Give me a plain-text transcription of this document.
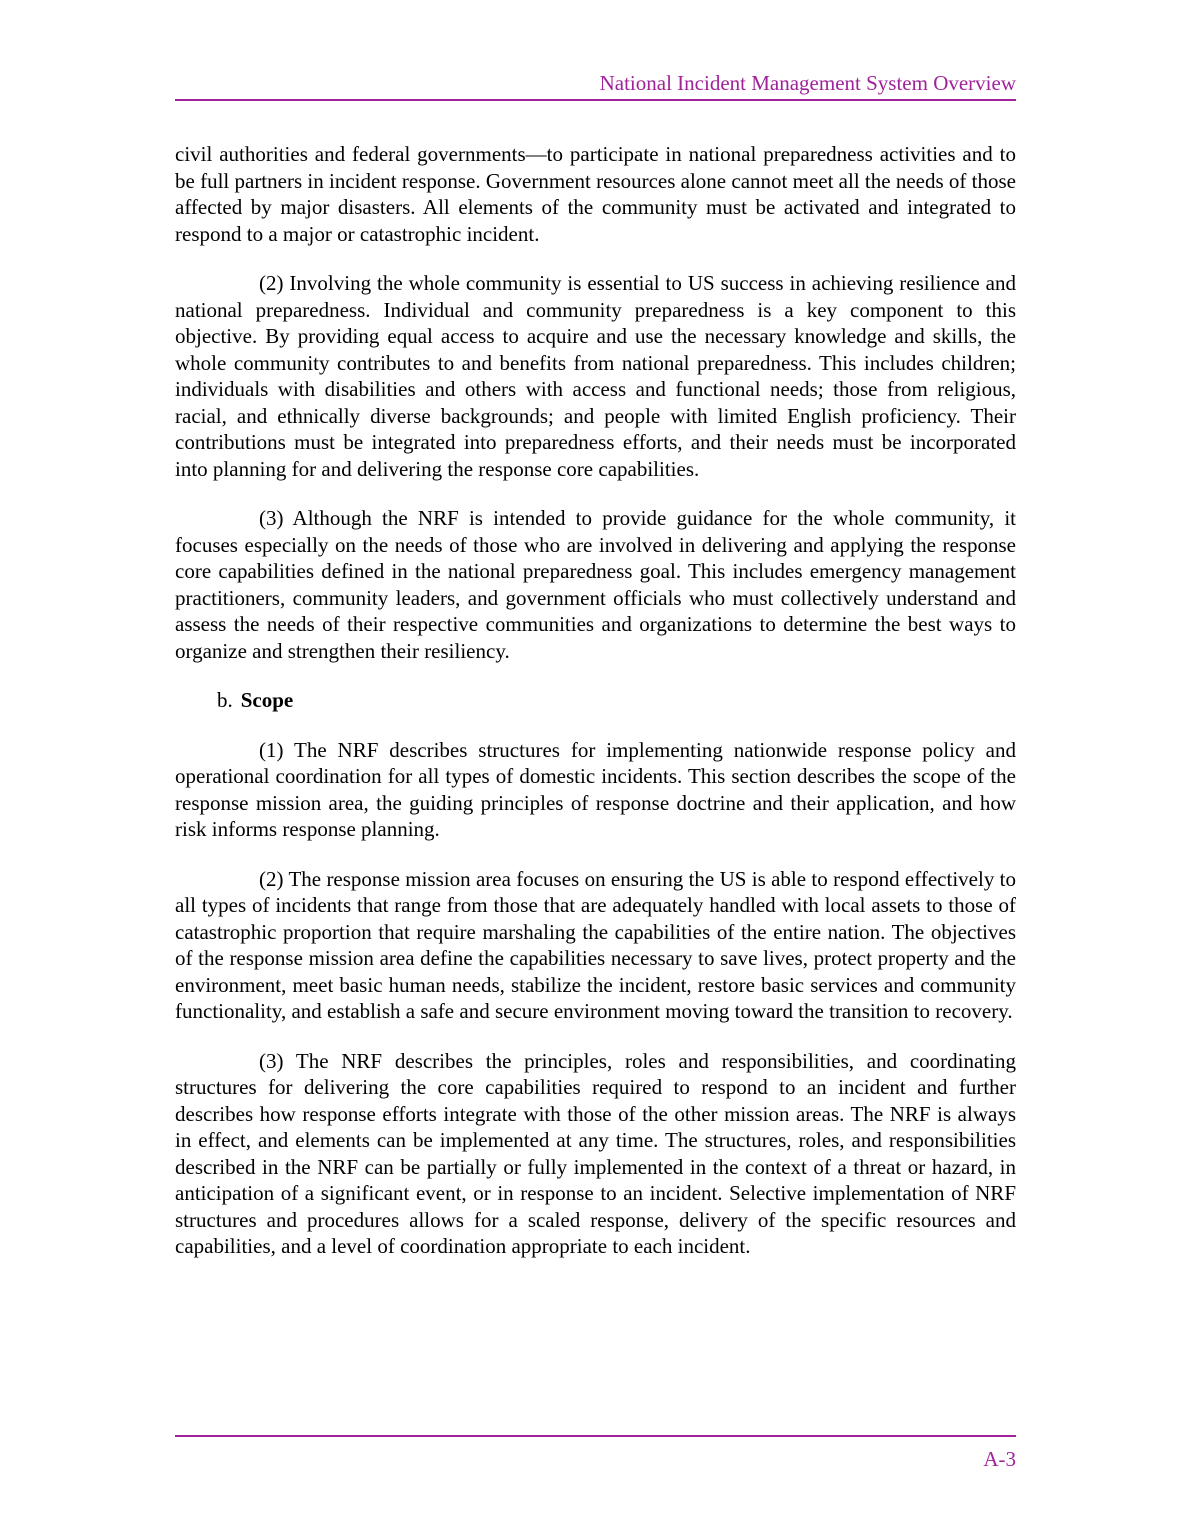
National Incident Management System Overview

civil authorities and federal governments—to participate in national preparedness activities and to be full partners in incident response. Government resources alone cannot meet all the needs of those affected by major disasters. All elements of the community must be activated and integrated to respond to a major or catastrophic incident.

(2) Involving the whole community is essential to US success in achieving resilience and national preparedness. Individual and community preparedness is a key component to this objective. By providing equal access to acquire and use the necessary knowledge and skills, the whole community contributes to and benefits from national preparedness. This includes children; individuals with disabilities and others with access and functional needs; those from religious, racial, and ethnically diverse backgrounds; and people with limited English proficiency. Their contributions must be integrated into preparedness efforts, and their needs must be incorporated into planning for and delivering the response core capabilities.

(3) Although the NRF is intended to provide guidance for the whole community, it focuses especially on the needs of those who are involved in delivering and applying the response core capabilities defined in the national preparedness goal. This includes emergency management practitioners, community leaders, and government officials who must collectively understand and assess the needs of their respective communities and organizations to determine the best ways to organize and strengthen their resiliency.

b. Scope

(1) The NRF describes structures for implementing nationwide response policy and operational coordination for all types of domestic incidents. This section describes the scope of the response mission area, the guiding principles of response doctrine and their application, and how risk informs response planning.

(2) The response mission area focuses on ensuring the US is able to respond effectively to all types of incidents that range from those that are adequately handled with local assets to those of catastrophic proportion that require marshaling the capabilities of the entire nation. The objectives of the response mission area define the capabilities necessary to save lives, protect property and the environment, meet basic human needs, stabilize the incident, restore basic services and community functionality, and establish a safe and secure environment moving toward the transition to recovery.

(3) The NRF describes the principles, roles and responsibilities, and coordinating structures for delivering the core capabilities required to respond to an incident and further describes how response efforts integrate with those of the other mission areas. The NRF is always in effect, and elements can be implemented at any time. The structures, roles, and responsibilities described in the NRF can be partially or fully implemented in the context of a threat or hazard, in anticipation of a significant event, or in response to an incident. Selective implementation of NRF structures and procedures allows for a scaled response, delivery of the specific resources and capabilities, and a level of coordination appropriate to each incident.

A-3
